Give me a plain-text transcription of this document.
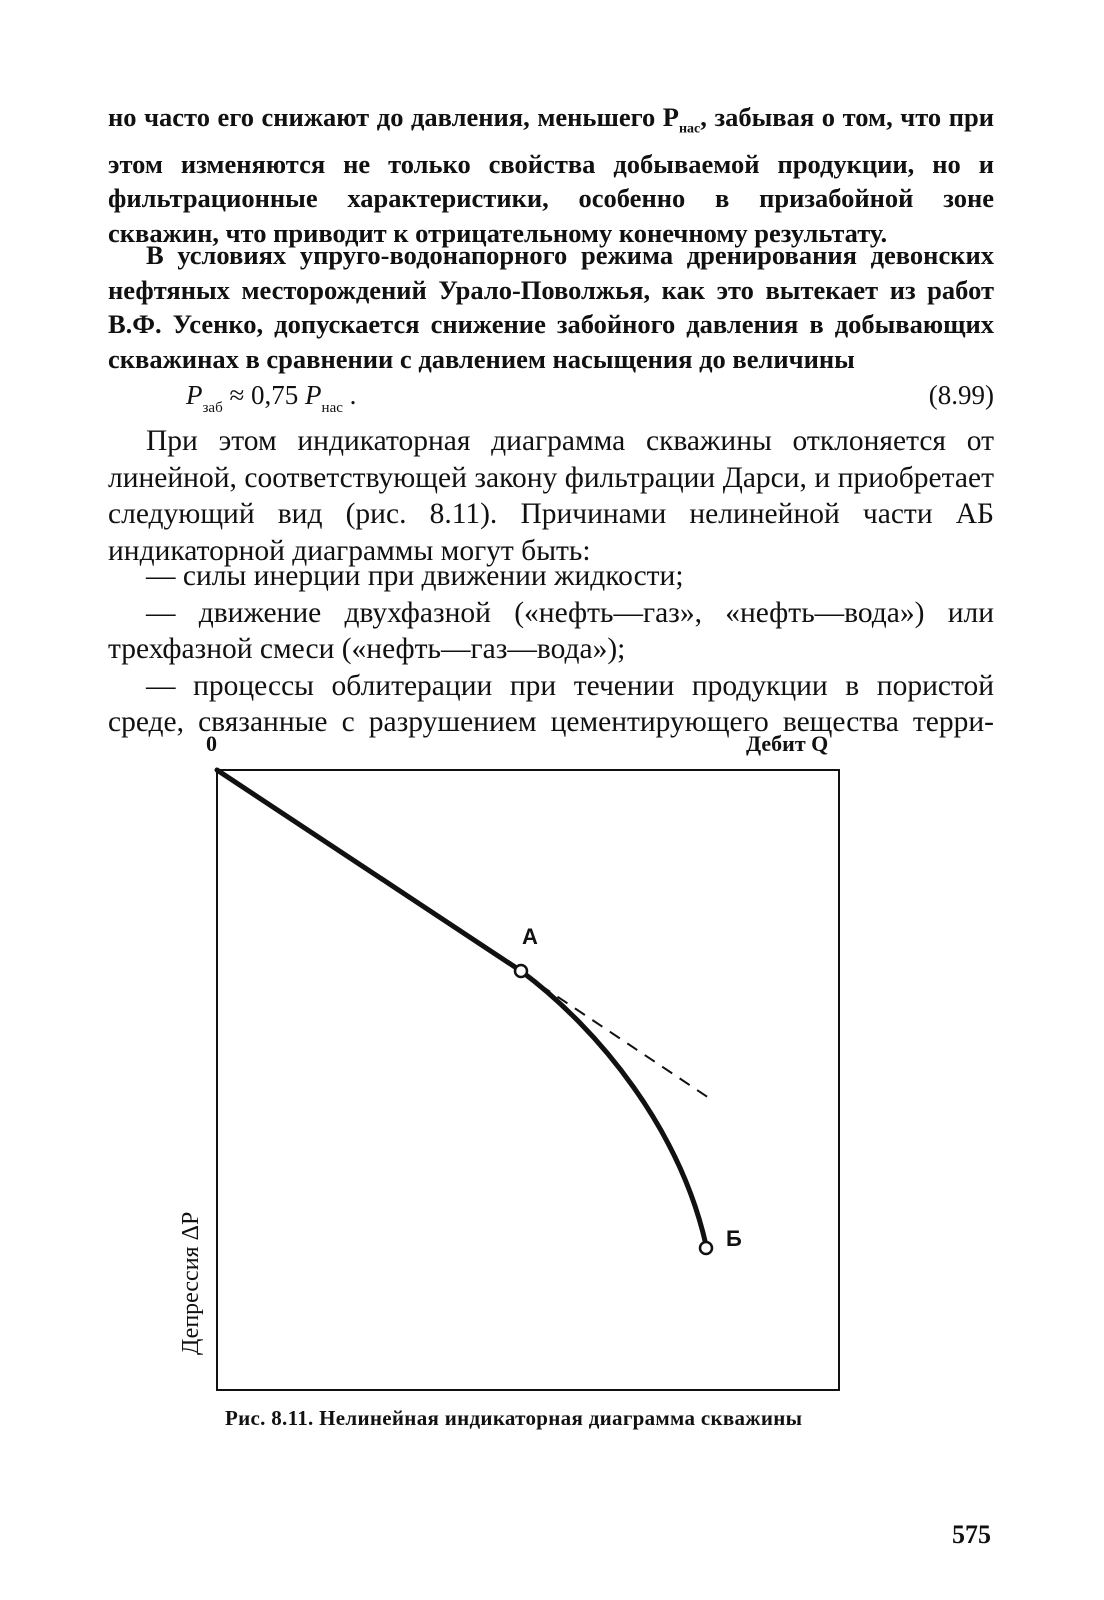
но часто его снижают до давления, меньшего $P_{нас}$, забывая о том, что при этом изменяются не только свойства добываемой продукции, но и фильтрационные характеристики, особенно в призабойной зоне скважин, что приводит к отрицательному конечному результату.
В условиях упруго-водонапорного режима дренирования девонских нефтяных месторождений Урало-Поволжья, как это вытекает из работ В.Ф. Усенко, допускается снижение забойного давления в добывающих скважинах в сравнении с давлением насыщения до величины
$P_{заб} \approx 0,75$ $P_{нас}$ .	(8.99)
При этом индикаторная диаграмма скважины отклоняется от линейной, соответствующей закону фильтрации Дарси, и приобретает следующий вид (рис. 8.11). Причинами нелинейной части АБ индикаторной диаграммы могут быть:
— силы инерции при движении жидкости;
— движение двухфазной («нефть—газ», «нефть—вода») или трехфазной смеси («нефть—газ—вода»);
— процессы облитерации при течении продукции в пористой среде, связанные с разрушением цементирующего вещества терри-
0	Дебит Q
А
Б
Депрессия ΔP
Рис. 8.11. Нелинейная индикаторная диаграмма скважины
575
